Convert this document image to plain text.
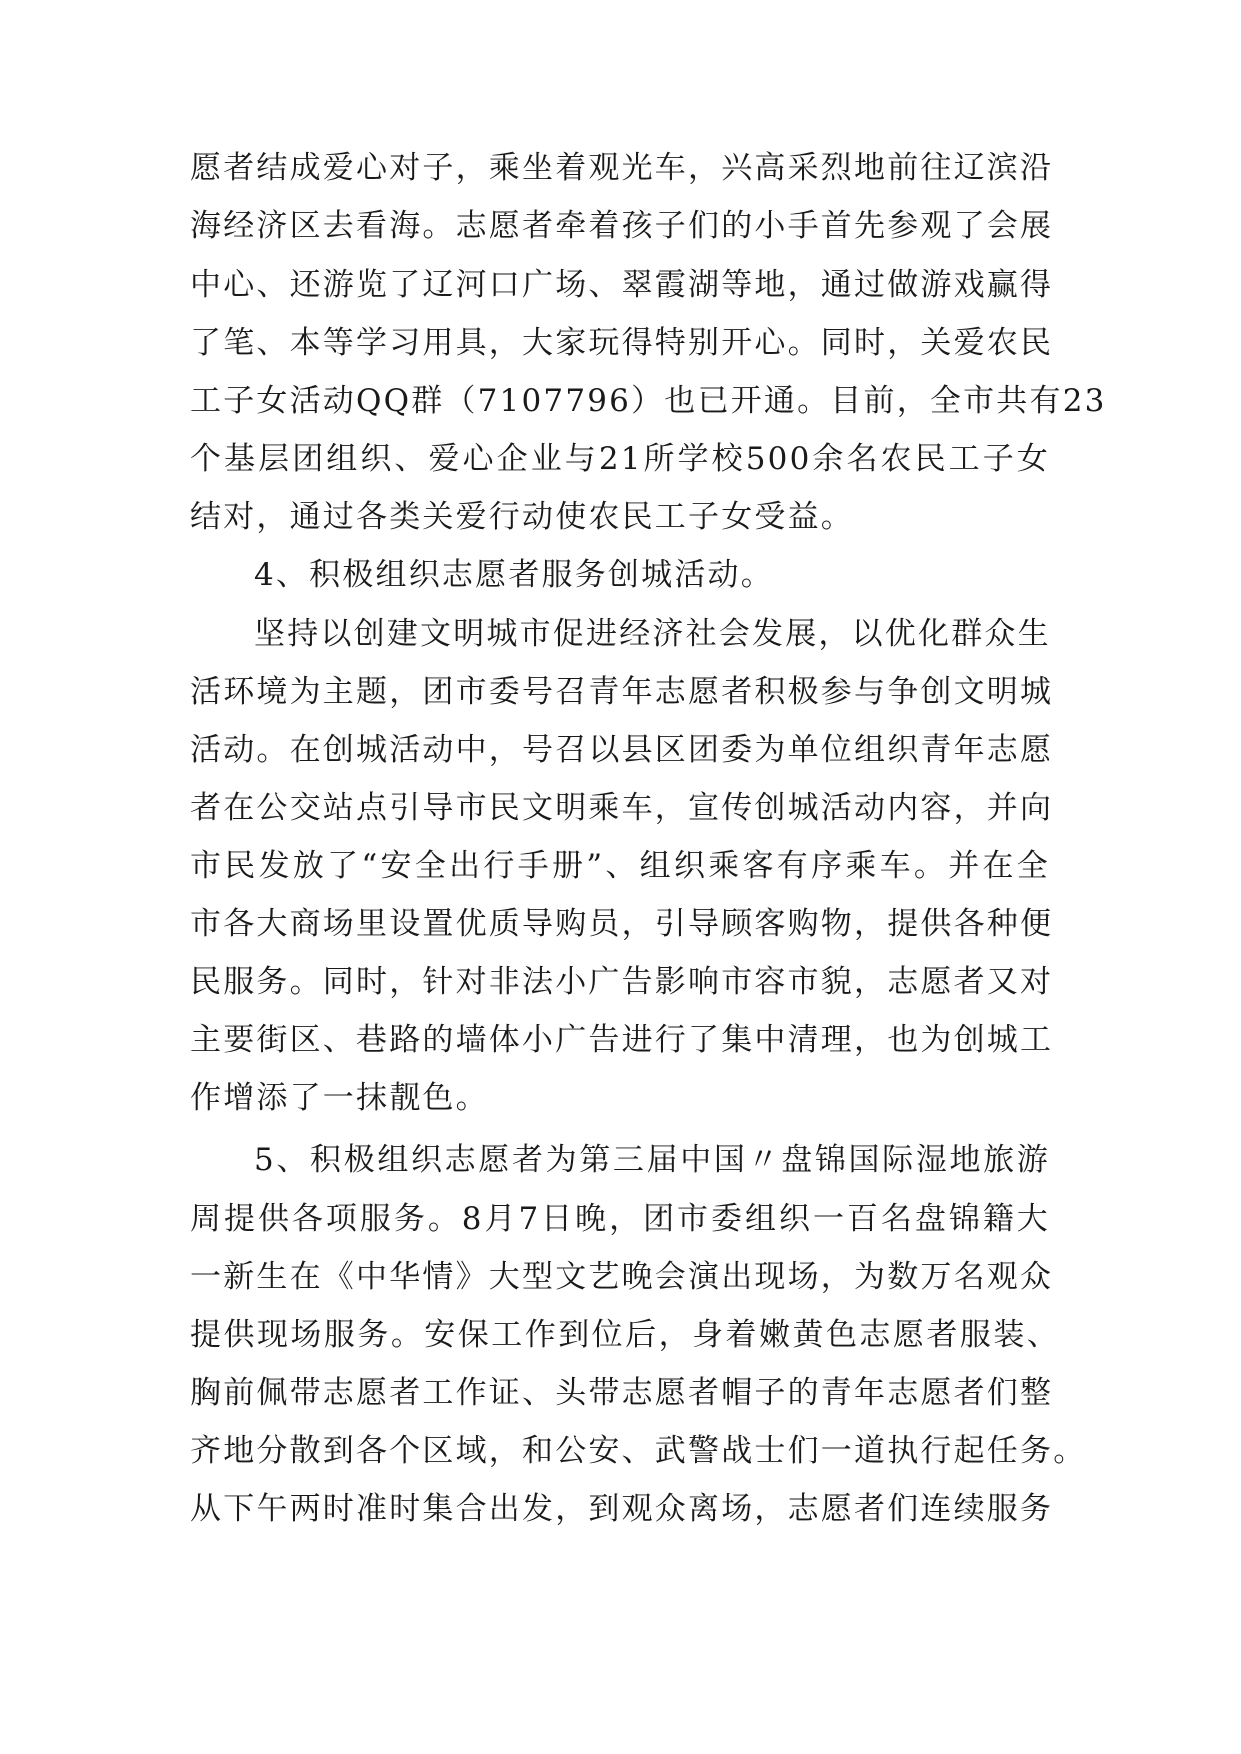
愿者结成爱心对子，乘坐着观光车，兴高采烈地前往辽滨沿
海经济区去看海。志愿者牵着孩子们的小手首先参观了会展
中心、还游览了辽河口广场、翠霞湖等地，通过做游戏赢得
了笔、本等学习用具，大家玩得特别开心。同时，关爱农民
工子女活动QQ群（7107796）也已开通。目前，全市共有23
个基层团组织、爱心企业与21所学校500余名农民工子女
结对，通过各类关爱行动使农民工子女受益。
4、积极组织志愿者服务创城活动。
坚持以创建文明城市促进经济社会发展，以优化群众生
活环境为主题，团市委号召青年志愿者积极参与争创文明城
活动。在创城活动中，号召以县区团委为单位组织青年志愿
者在公交站点引导市民文明乘车，宣传创城活动内容，并向
市民发放了“安全出行手册”、组织乘客有序乘车。并在全
市各大商场里设置优质导购员，引导顾客购物，提供各种便
民服务。同时，针对非法小广告影响市容市貌，志愿者又对
主要街区、巷路的墙体小广告进行了集中清理，也为创城工
作增添了一抹靓色。
5、积极组织志愿者为第三届中国〃盘锦国际湿地旅游
周提供各项服务。8月7日晚，团市委组织一百名盘锦籍大
一新生在《中华情》大型文艺晚会演出现场，为数万名观众
提供现场服务。安保工作到位后，身着嫩黄色志愿者服装、
胸前佩带志愿者工作证、头带志愿者帽子的青年志愿者们整
齐地分散到各个区域，和公安、武警战士们一道执行起任务。
从下午两时准时集合出发，到观众离场，志愿者们连续服务
